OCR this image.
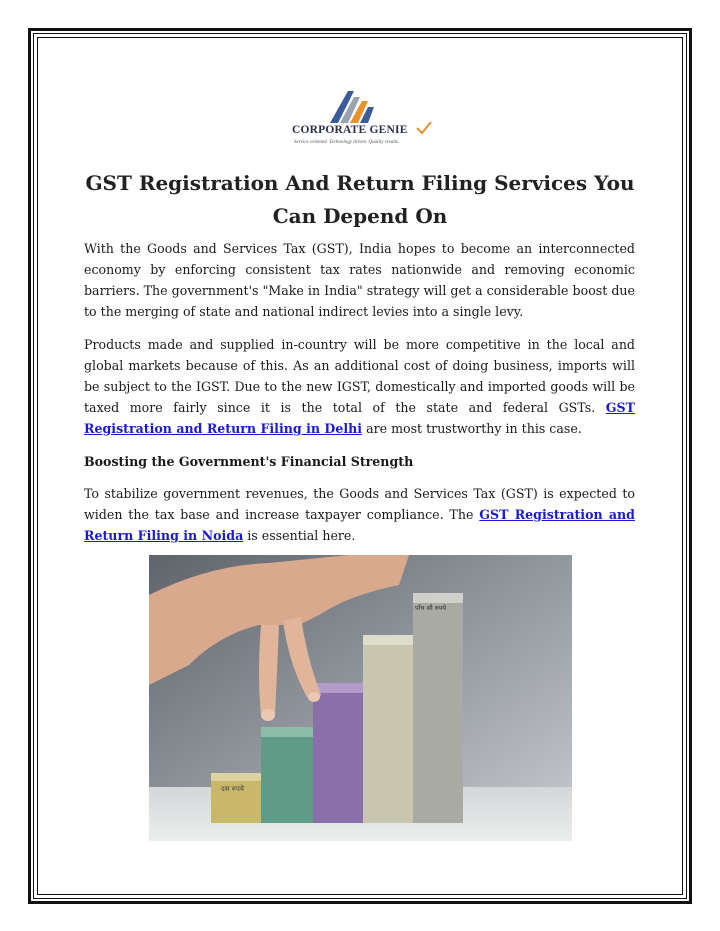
CORPORATE GENIE
Service oriented. Technology driven. Quality results.
GST Registration And Return Filing Services You Can Depend On

With the Goods and Services Tax (GST), India hopes to become an interconnected economy by enforcing consistent tax rates nationwide and removing economic barriers. The government's "Make in India" strategy will get a considerable boost due to the merging of state and national indirect levies into a single levy.

Products made and supplied in-country will be more competitive in the local and global markets because of this. As an additional cost of doing business, imports will be subject to the IGST. Due to the new IGST, domestically and imported goods will be taxed more fairly since it is the total of the state and federal GSTs. GST Registration and Return Filing in Delhi are most trustworthy in this case.

Boosting the Government's Financial Strength

To stabilize government revenues, the Goods and Services Tax (GST) is expected to widen the tax base and increase taxpayer compliance. The GST Registration and Return Filing in Noida is essential here.

दस रुपये
पाँच सौ रुपये
